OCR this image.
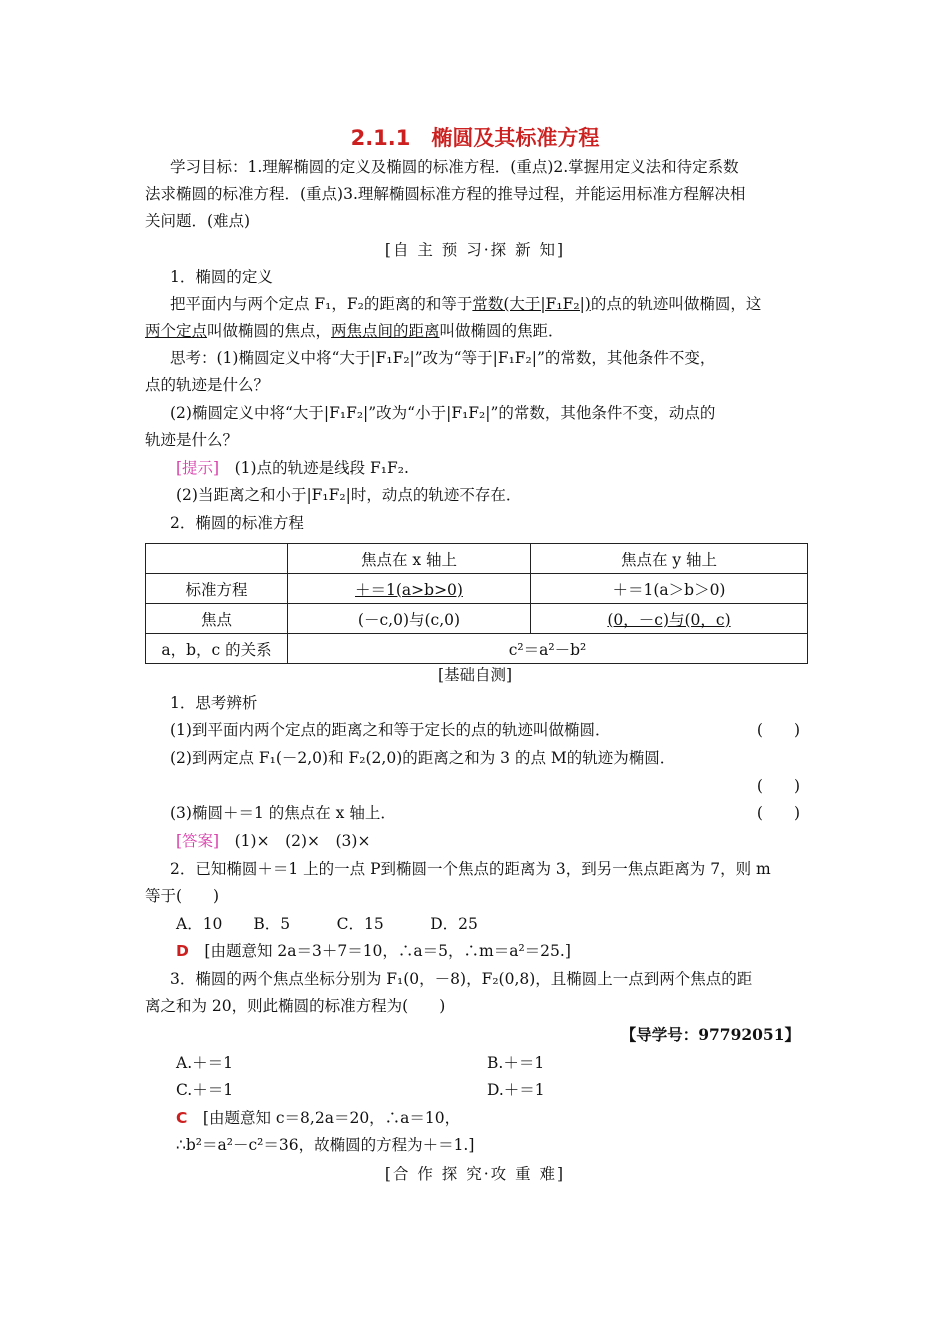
2.1.1　椭圆及其标准方程
学习目标：1.理解椭圆的定义及椭圆的标准方程．(重点)2.掌握用定义法和待定系数
法求椭圆的标准方程．(重点)3.理解椭圆标准方程的推导过程，并能运用标准方程解决相
关问题．(难点)
[自 主 预 习·探 新 知]
1．椭圆的定义
把平面内与两个定点 F₁，F₂的距离的和等于常数(大于|F₁F₂|)的点的轨迹叫做椭圆，这
两个定点叫做椭圆的焦点，两焦点间的距离叫做椭圆的焦距．
思考：(1)椭圆定义中将“大于|F₁F₂|”改为“等于|F₁F₂|”的常数，其他条件不变，
点的轨迹是什么？
(2)椭圆定义中将“大于|F₁F₂|”改为“小于|F₁F₂|”的常数，其他条件不变，动点的
轨迹是什么？
[提示]　 (1)点的轨迹是线段 F₁F₂.
(2)当距离之和小于|F₁F₂|时，动点的轨迹不存在．
2．椭圆的标准方程
	焦点在 x 轴上	焦点在 y 轴上
标准方程	＋＝1(a>b>0)	＋＝1(a＞b＞0)
焦点	(－c,0)与(c,0)	(0，－c)与(0，c)
a，b，c 的关系	c²＝a²－b²	
[基础自测]
1．思考辨析
(1)到平面内两个定点的距离之和等于定长的点的轨迹叫做椭圆．	(　　)
(2)到两定点 F₁(－2,0)和 F₂(2,0)的距离之和为 3 的点 M的轨迹为椭圆．
(　　)
(3)椭圆＋＝1 的焦点在 x 轴上．	(　　)
[答案]　 (1)×　(2)×　(3)×
2．已知椭圆＋＝1 上的一点 P到椭圆一个焦点的距离为 3，到另一焦点距离为 7，则 m
等于(　　)
A．10　　B．5　　　C．15　　　D．25
D　 [由题意知 2a＝3＋7＝10，∴a＝5，∴m＝a²＝25.]
3．椭圆的两个焦点坐标分别为 F₁(0，－8)，F₂(0,8)，且椭圆上一点到两个焦点的距
离之和为 20，则此椭圆的标准方程为(　　)
【导学号：97792051】
A.＋＝1	B.＋＝1
C.＋＝1	D.＋＝1
C　 [由题意知 c＝8,2a＝20，∴a＝10，
∴b²＝a²－c²＝36，故椭圆的方程为＋＝1.]
[合 作 探 究·攻 重 难]
